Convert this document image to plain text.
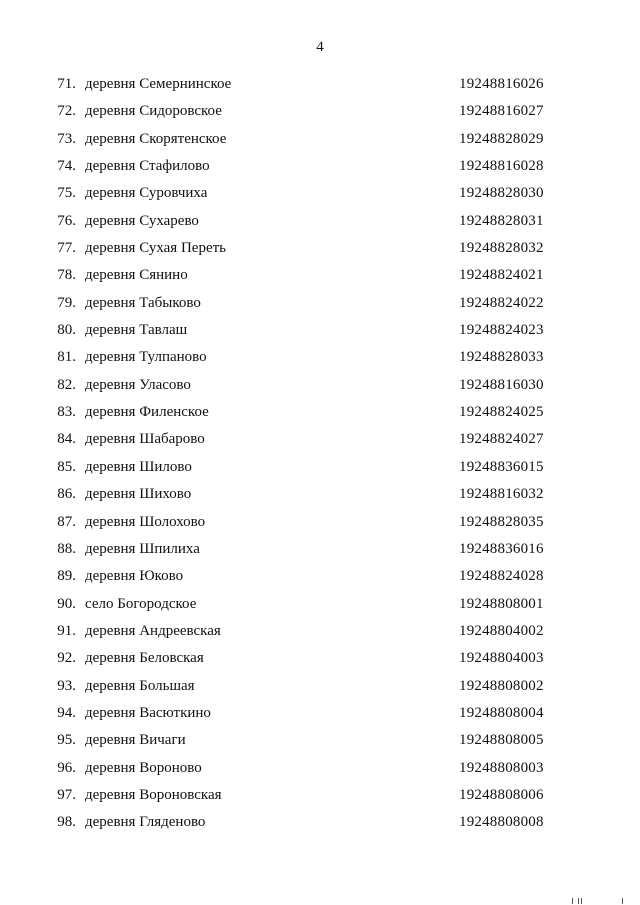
4
71. деревня Семернинское	19248816026
72. деревня Сидоровское	19248816027
73. деревня Скорятенское	19248828029
74. деревня Стафилово	19248816028
75. деревня Суровчиха	19248828030
76. деревня Сухарево	19248828031
77. деревня Сухая Переть	19248828032
78. деревня Сянино	19248824021
79. деревня Табыково	19248824022
80. деревня Тавлаш	19248824023
81. деревня Тулпаново	19248828033
82. деревня Уласово	19248816030
83. деревня Филенское	19248824025
84. деревня Шабарово	19248824027
85. деревня Шилово	19248836015
86. деревня Шихово	19248816032
87. деревня Шолохово	19248828035
88. деревня Шпилиха	19248836016
89. деревня Юково	19248824028
90. село Богородское	19248808001
91. деревня Андреевская	19248804002
92. деревня Беловская	19248804003
93. деревня Большая	19248808002
94. деревня Васюткино	19248808004
95. деревня Вичаги	19248808005
96. деревня Вороново	19248808003
97. деревня Вороновская	19248808006
98. деревня Гляденово	19248808008
